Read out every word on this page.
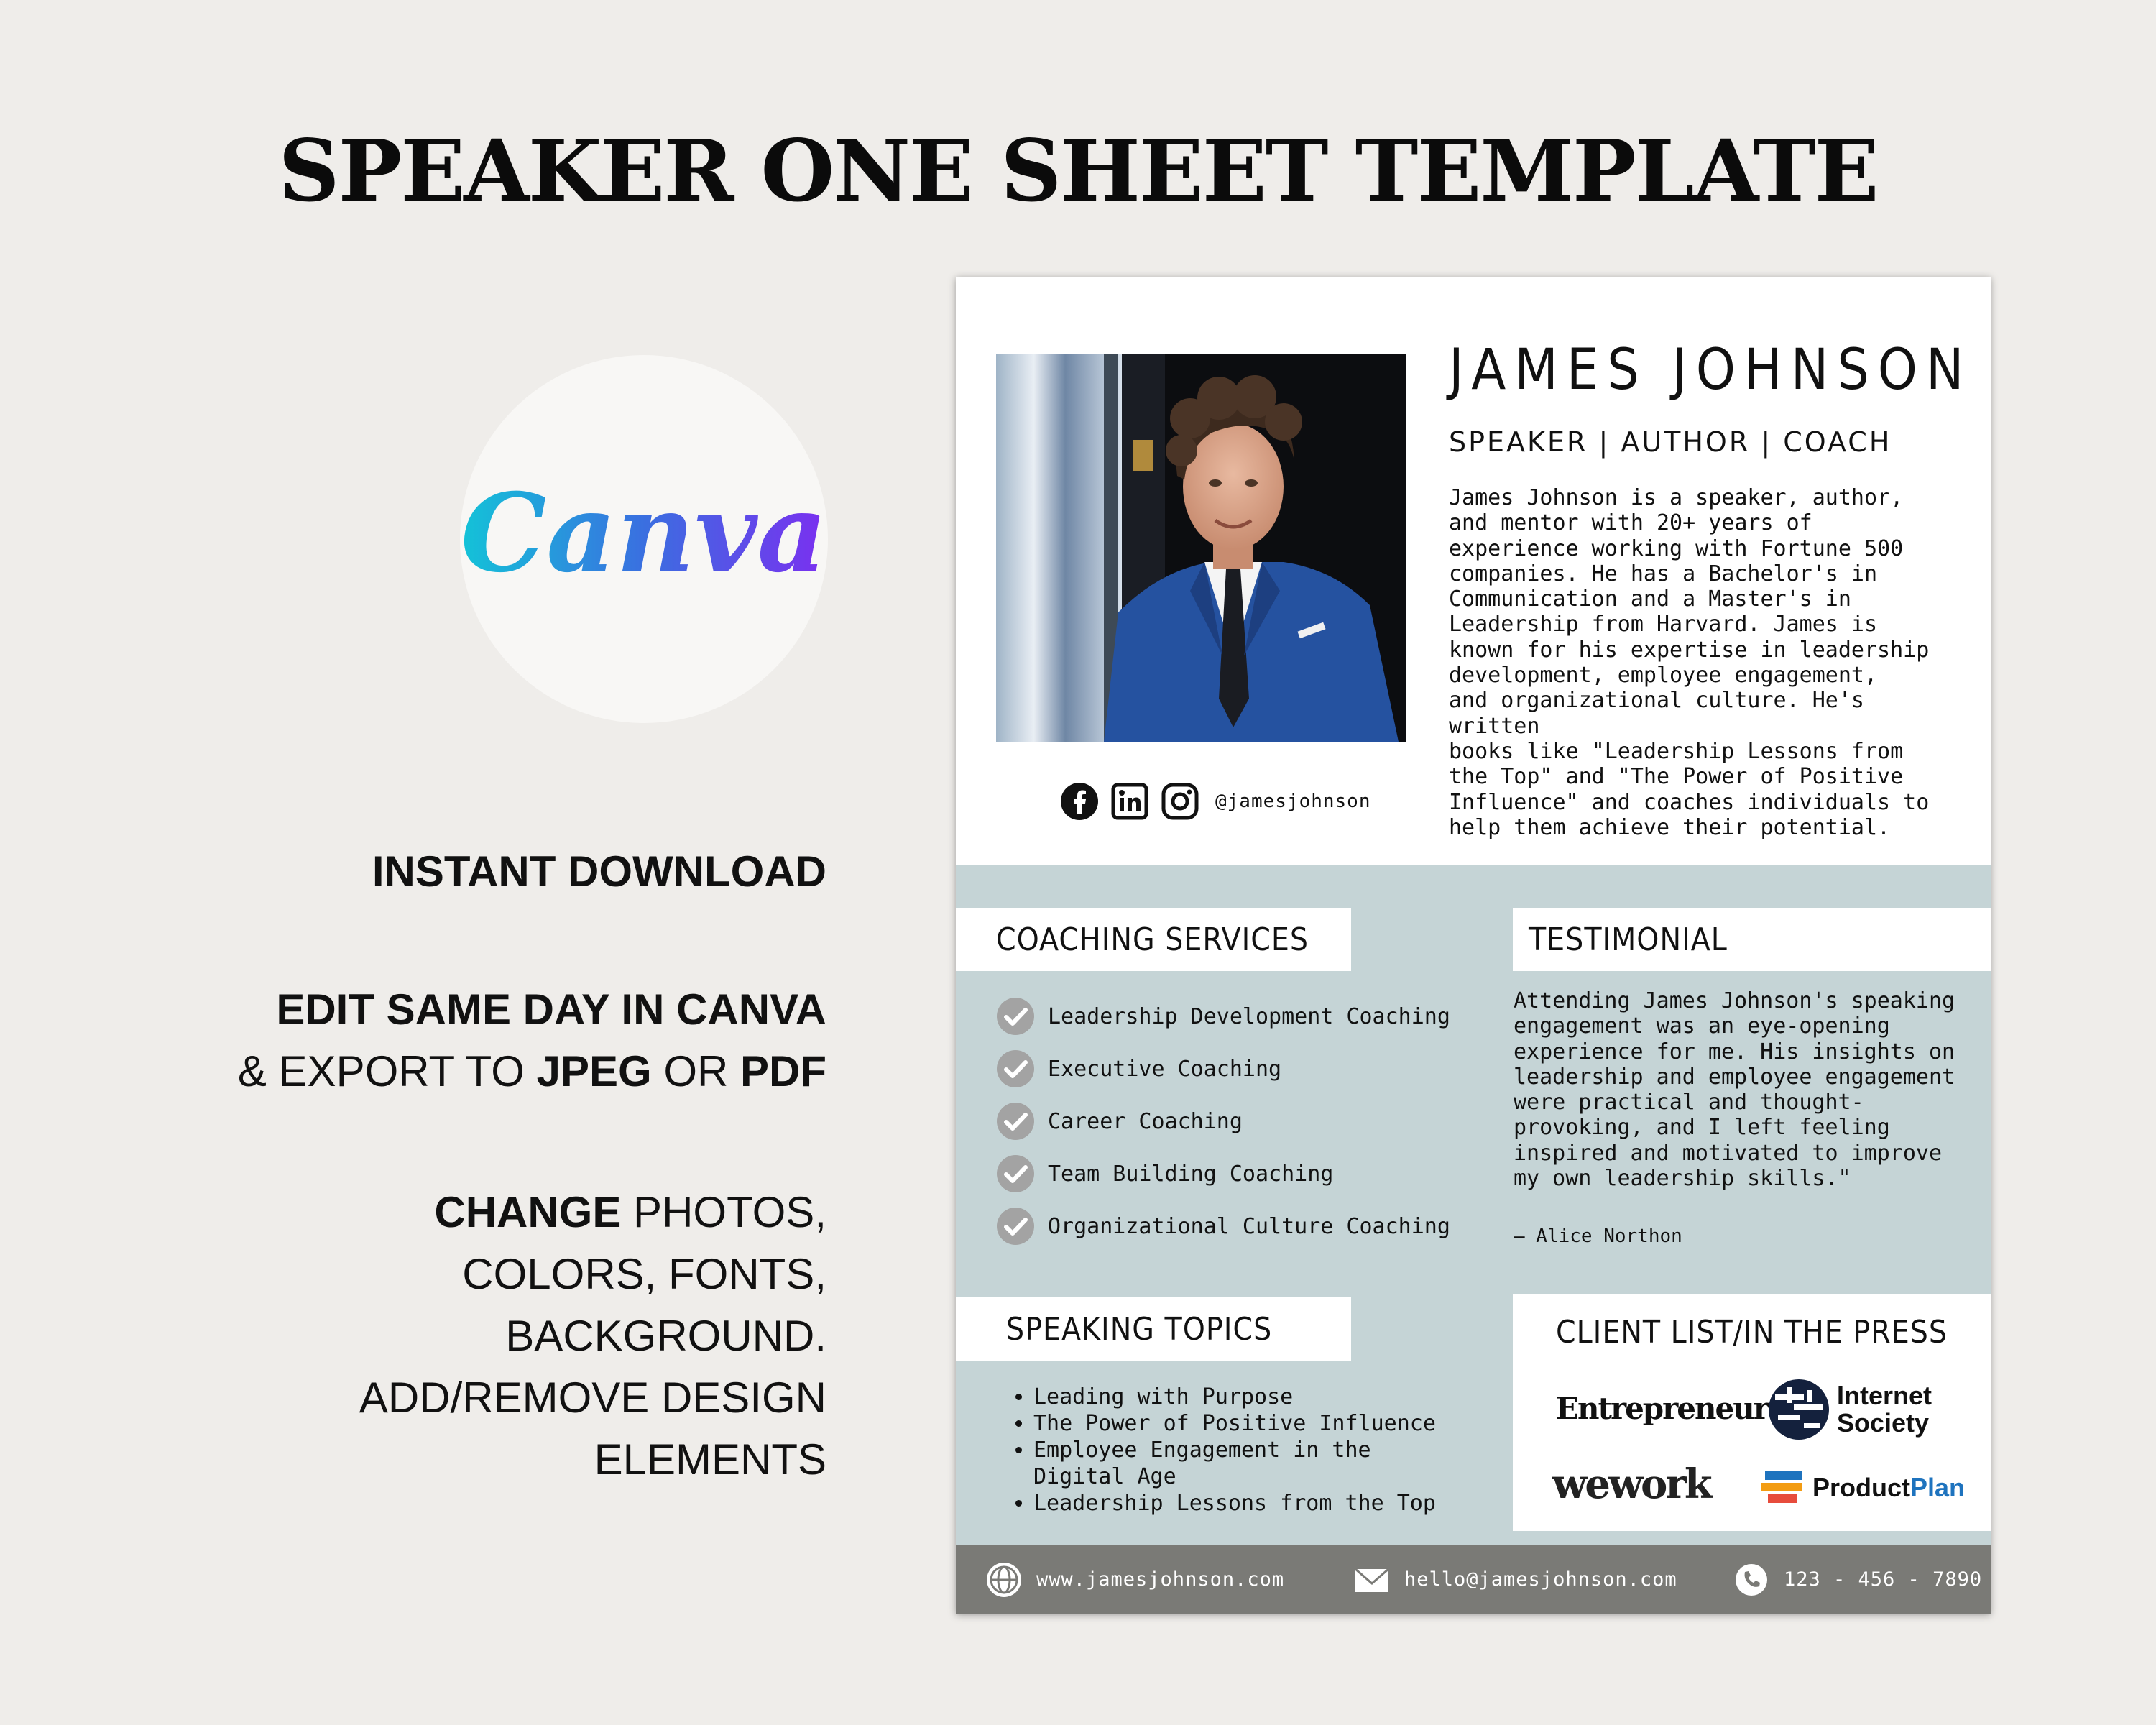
SPEAKER ONE SHEET TEMPLATE
Canva
INSTANT DOWNLOAD
EDIT SAME DAY IN CANVA
& EXPORT TO JPEG OR PDF
CHANGE PHOTOS,
COLORS, FONTS,
BACKGROUND.
ADD/REMOVE DESIGN
ELEMENTS
JAMES JOHNSON
SPEAKER | AUTHOR | COACH
James Johnson is a speaker, author,
and mentor with 20+ years of
experience working with Fortune 500
companies. He has a Bachelor's in
Communication and a Master's in
Leadership from Harvard. James is
known for his expertise in leadership
development, employee engagement,
and organizational culture. He's written
books like "Leadership Lessons from
the Top" and "The Power of Positive
Influence" and coaches individuals to
help them achieve their potential.
@jamesjohnson
COACHING SERVICES	TESTIMONIAL
Leadership Development Coaching
Executive Coaching
Career Coaching
Team Building Coaching
Organizational Culture Coaching
Attending James Johnson's speaking engagement was an eye-opening experience for me. His insights on leadership and employee engagement were practical and thought-provoking, and I left feeling inspired and motivated to improve my own leadership skills."
— Alice Northon
SPEAKING TOPICS
• Leading with Purpose
• The Power of Positive Influence
• Employee Engagement in the Digital Age
• Leadership Lessons from the Top
CLIENT LIST/IN THE PRESS
Entrepreneur	Internet Society
wework	ProductPlan
www.jamesjohnson.com	hello@jamesjohnson.com	123 - 456 - 7890
